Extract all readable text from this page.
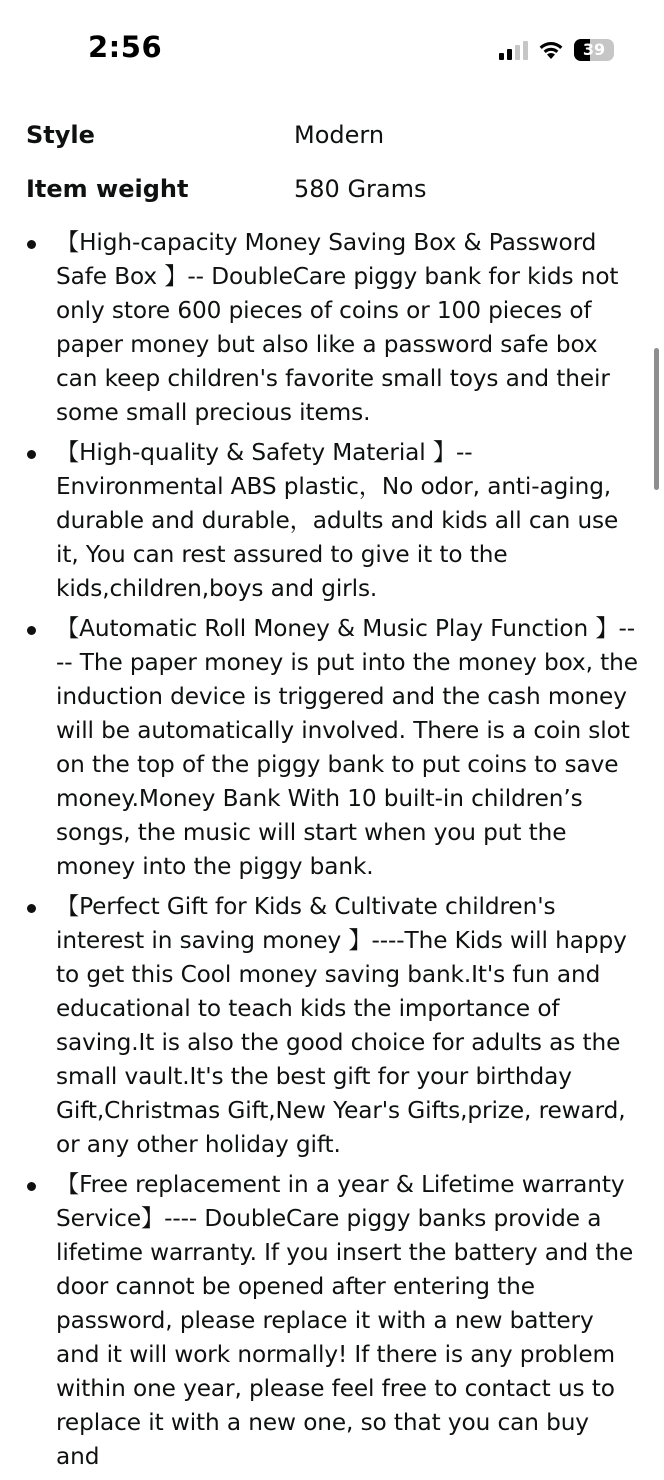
2:56	39
Style	Modern
Item weight	580 Grams
【High-capacity Money Saving Box & Password Safe Box 】-- DoubleCare piggy bank for kids not only store 600 pieces of coins or 100 pieces of paper money but also like a password safe box can keep children's favorite small toys and their some small precious items.
【High-quality & Safety Material 】-- Environmental ABS plastic，No odor, anti-aging, durable and durable，adults and kids all can use it, You can rest assured to give it to the kids,children,boys and girls.
【Automatic Roll Money & Music Play Function 】---- The paper money is put into the money box, the induction device is triggered and the cash money will be automatically involved. There is a coin slot on the top of the piggy bank to put coins to save money.Money Bank With 10 built-in children’s songs, the music will start when you put the money into the piggy bank.
【Perfect Gift for Kids & Cultivate children's interest in saving money 】----The Kids will happy to get this Cool money saving bank.It's fun and educational to teach kids the importance of saving.It is also the good choice for adults as the small vault.It's the best gift for your birthday Gift,Christmas Gift,New Year's Gifts,prize, reward, or any other holiday gift.
【Free replacement in a year & Lifetime warranty Service】---- DoubleCare piggy banks provide a lifetime warranty. If you insert the battery and the door cannot be opened after entering the password, please replace it with a new battery and it will work normally! If there is any problem within one year, please feel free to contact us to replace it with a new one, so that you can buy and
